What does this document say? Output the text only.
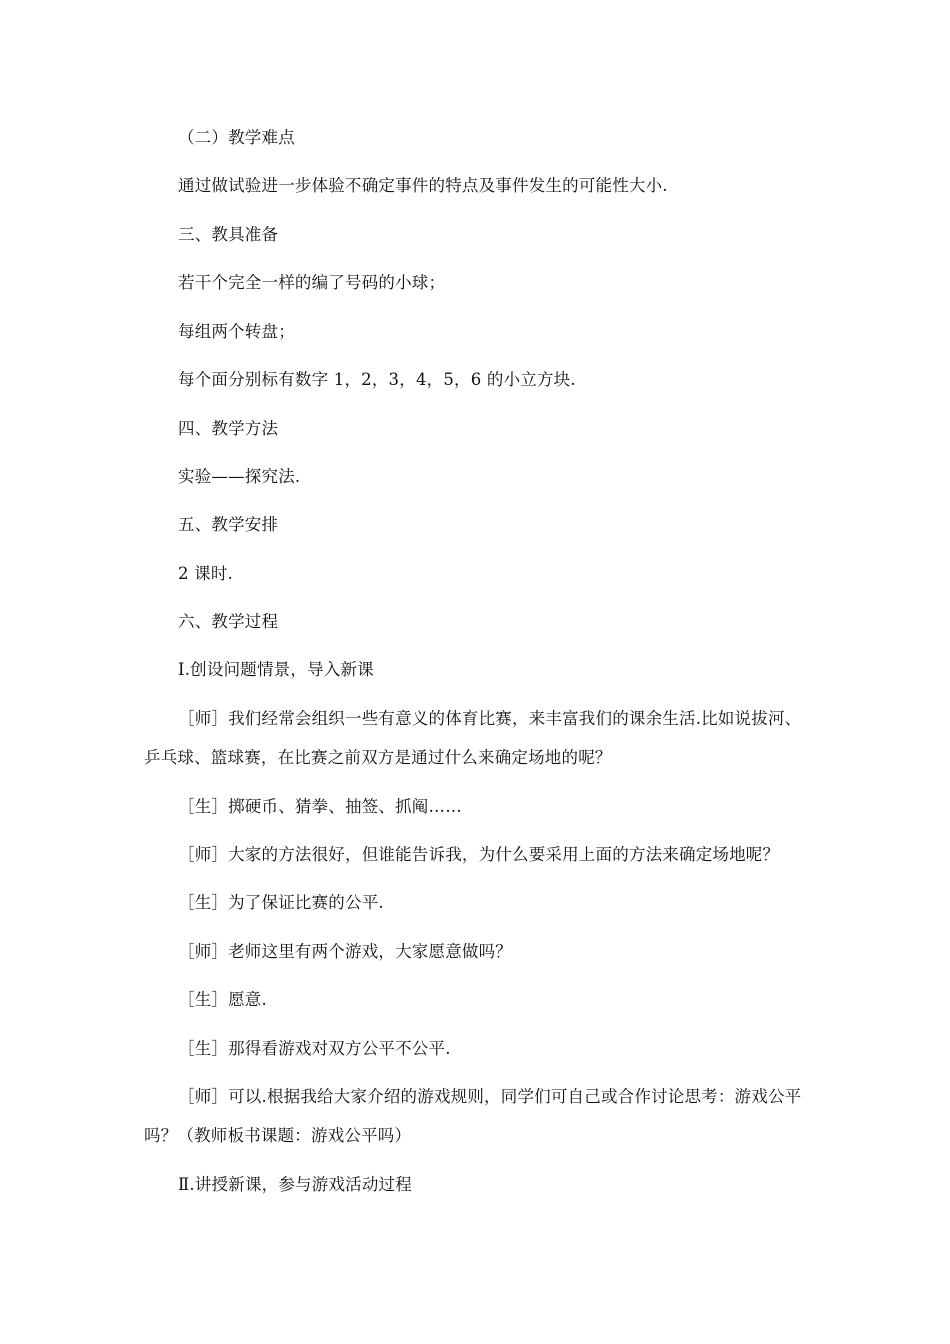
（二）教学难点
通过做试验进一步体验不确定事件的特点及事件发生的可能性大小.
三、教具准备
若干个完全一样的编了号码的小球；
每组两个转盘；
每个面分别标有数字 1，2，3，4，5，6 的小立方块.
四、教学方法
实验——探究法.
五、教学安排
2 课时.
六、教学过程
Ⅰ.创设问题情景，导入新课
［师］我们经常会组织一些有意义的体育比赛，来丰富我们的课余生活.比如说拔河、
乒乓球、篮球赛，在比赛之前双方是通过什么来确定场地的呢？
［生］掷硬币、猜拳、抽签、抓阄……
［师］大家的方法很好，但谁能告诉我，为什么要采用上面的方法来确定场地呢？
［生］为了保证比赛的公平.
［师］老师这里有两个游戏，大家愿意做吗？
［生］愿意.
［生］那得看游戏对双方公平不公平.
［师］可以.根据我给大家介绍的游戏规则，同学们可自己或合作讨论思考：游戏公平
吗？（教师板书课题：游戏公平吗）
Ⅱ.讲授新课，参与游戏活动过程
